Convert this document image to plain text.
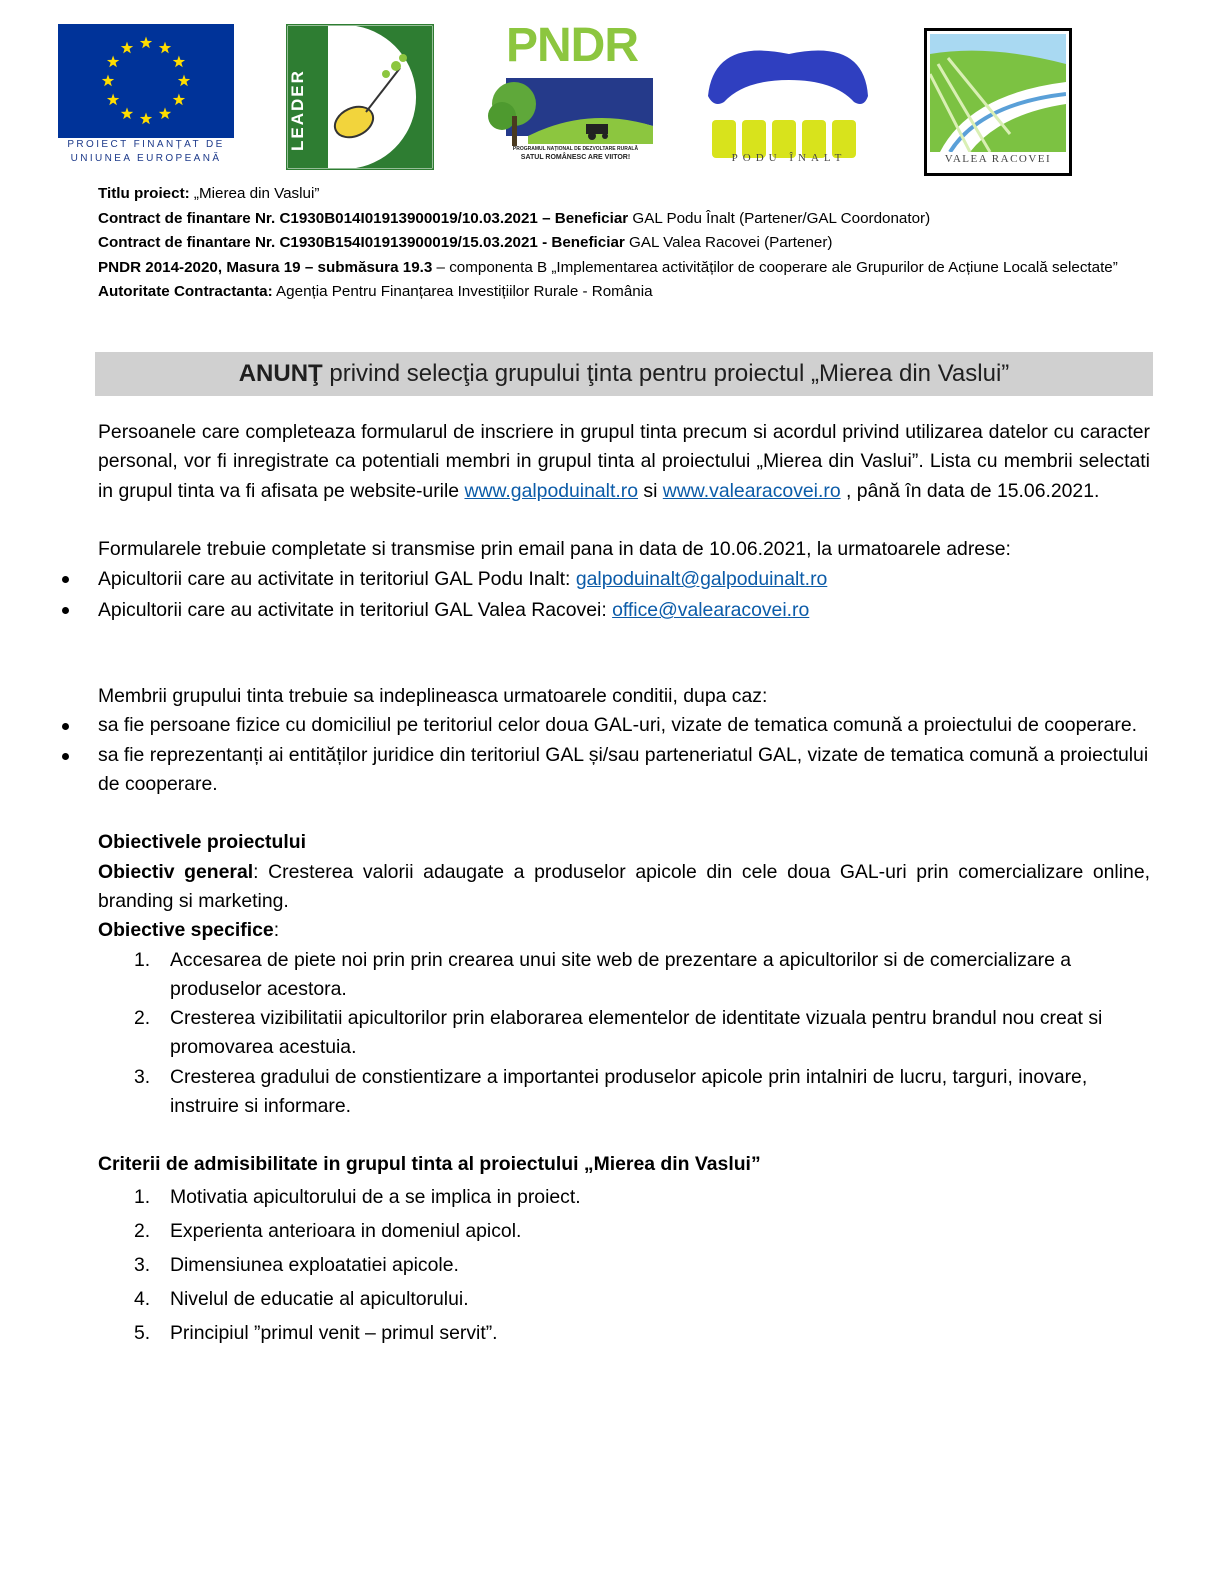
PROIECT FINANȚAT DE
UNIUNEA EUROPEANĂ
LEADER
PNDR
PROGRAMUL NAȚIONAL DE DEZVOLTARE RURALĂ
SATUL ROMÂNESC ARE VIITOR!	PODU ÎNALT	VALEA RACOVEI

Titlu proiect: „Mierea din Vaslui”

Contract de finantare Nr. C1930B014I01913900019/10.03.2021 – Beneficiar GAL Podu Înalt (Partener/GAL Coordonator)

Contract de finantare Nr. C1930B154I01913900019/15.03.2021 - Beneficiar GAL Valea Racovei (Partener)

PNDR 2014-2020, Masura 19 – submăsura 19.3 – componenta B „Implementarea activităților de cooperare ale Grupurilor de Acțiune Locală selectate”

Autoritate Contractanta: Agenția Pentru Finanțarea Investițiilor Rurale - România

ANUNŢ privind selecţia grupului ţinta pentru proiectul „Mierea din Vaslui”

Persoanele care completeaza formularul de inscriere in grupul tinta precum si acordul privind utilizarea datelor cu caracter personal, vor fi inregistrate ca potentiali membri in grupul tinta al proiectului „Mierea din Vaslui”. Lista cu membrii selectati in grupul tinta va fi afisata pe website-urile www.galpoduinalt.ro si www.valearacovei.ro , până în data de 15.06.2021.

Formularele trebuie completate si transmise prin email pana in data de 10.06.2021, la urmatoarele adrese:

Apicultorii care au activitate in teritoriul GAL Podu Inalt: galpoduinalt@galpoduinalt.ro
Apicultorii care au activitate in teritoriul GAL Valea Racovei: office@valearacovei.ro

Membrii grupului tinta trebuie sa indeplineasca urmatoarele conditii, dupa caz:

sa fie persoane fizice cu domiciliul pe teritoriul celor doua GAL-uri, vizate de tematica comună a proiectului de cooperare.
sa fie reprezentanți ai entităților juridice din teritoriul GAL și/sau parteneriatul GAL, vizate de tematica comună a proiectului de cooperare.

Obiectivele proiectului

Obiectiv general: Cresterea valorii adaugate a produselor apicole din cele doua GAL-uri prin comercializare online, branding si marketing.

Obiective specifice:

1. Accesarea de piete noi prin prin crearea unui site web de prezentare a apicultorilor si de comercializare a produselor acestora.
2. Cresterea vizibilitatii apicultorilor prin elaborarea elementelor de identitate vizuala pentru brandul nou creat si promovarea acestuia.
3. Cresterea gradului de constientizare a importantei produselor apicole prin intalniri de lucru, targuri, inovare, instruire si informare.

Criterii de admisibilitate in grupul tinta al proiectului „Mierea din Vaslui”

1. Motivatia apicultorului de a se implica in proiect.
2. Experienta anterioara in domeniul apicol.
3. Dimensiunea exploatatiei apicole.
4. Nivelul de educatie al apicultorului.
5. Principiul ”primul venit – primul servit”.
